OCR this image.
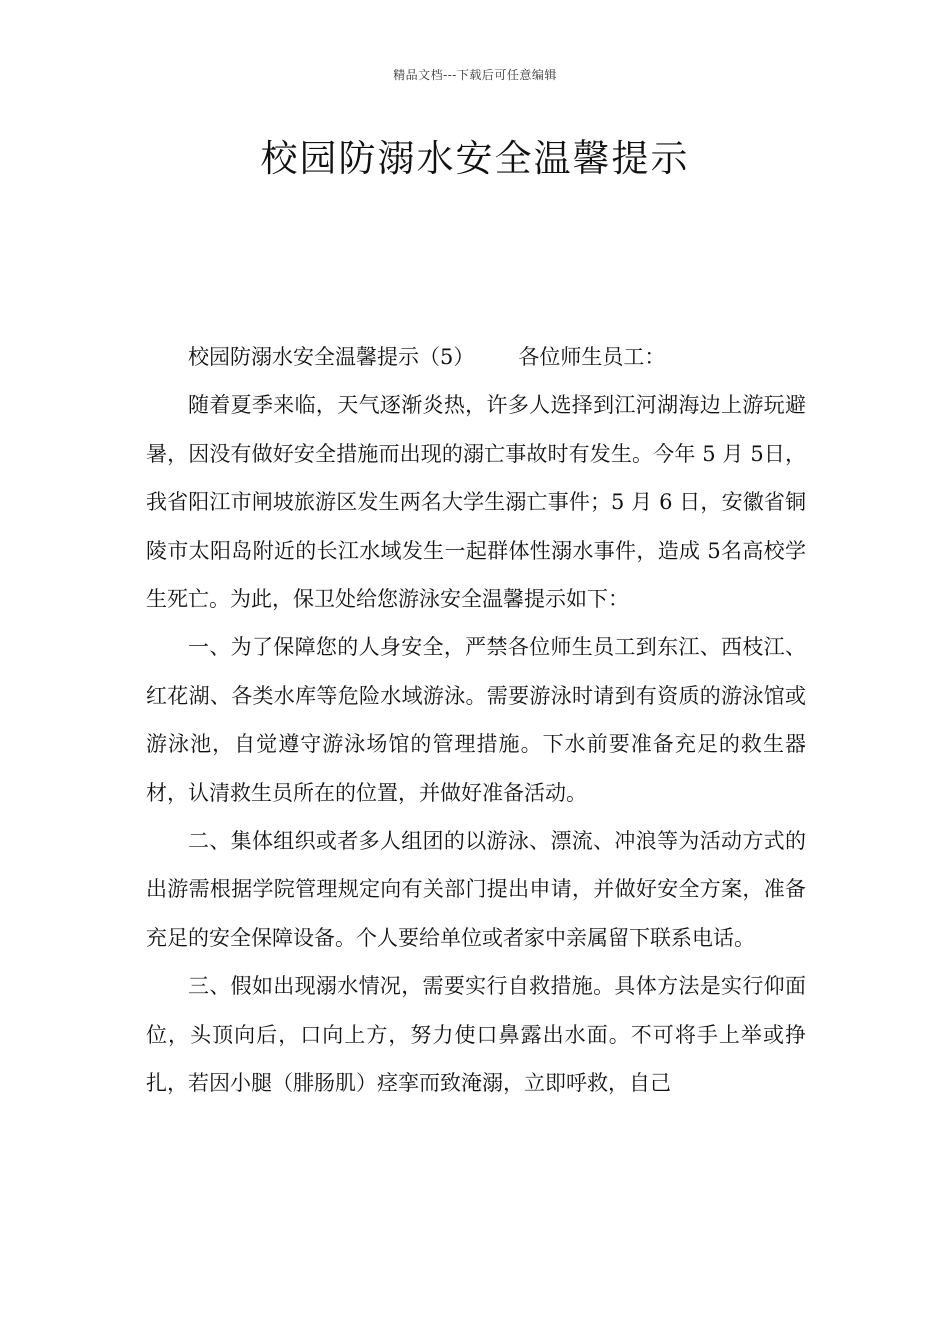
精品文档---下载后可任意编辑
校园防溺水安全温馨提示

校园防溺水安全温馨提示（5） 各位师生员工：

随着夏季来临，天气逐渐炎热，许多人选择到江河湖海边上游玩避暑，因没有做好安全措施而出现的溺亡事故时有发生。今年 5 月 5日，我省阳江市闸坡旅游区发生两名大学生溺亡事件；5 月 6 日，安徽省铜陵市太阳岛附近的长江水域发生一起群体性溺水事件，造成 5名高校学生死亡。为此，保卫处给您游泳安全温馨提示如下：

一、为了保障您的人身安全，严禁各位师生员工到东江、西枝江、红花湖、各类水库等危险水域游泳。需要游泳时请到有资质的游泳馆或游泳池，自觉遵守游泳场馆的管理措施。下水前要准备充足的救生器材，认清救生员所在的位置，并做好准备活动。

二、集体组织或者多人组团的以游泳、漂流、冲浪等为活动方式的出游需根据学院管理规定向有关部门提出申请，并做好安全方案，准备充足的安全保障设备。个人要给单位或者家中亲属留下联系电话。

三、假如出现溺水情况，需要实行自救措施。具体方法是实行仰面位，头顶向后，口向上方，努力使口鼻露出水面。不可将手上举或挣扎，若因小腿（腓肠肌）痉挛而致淹溺，立即呼救，自己
